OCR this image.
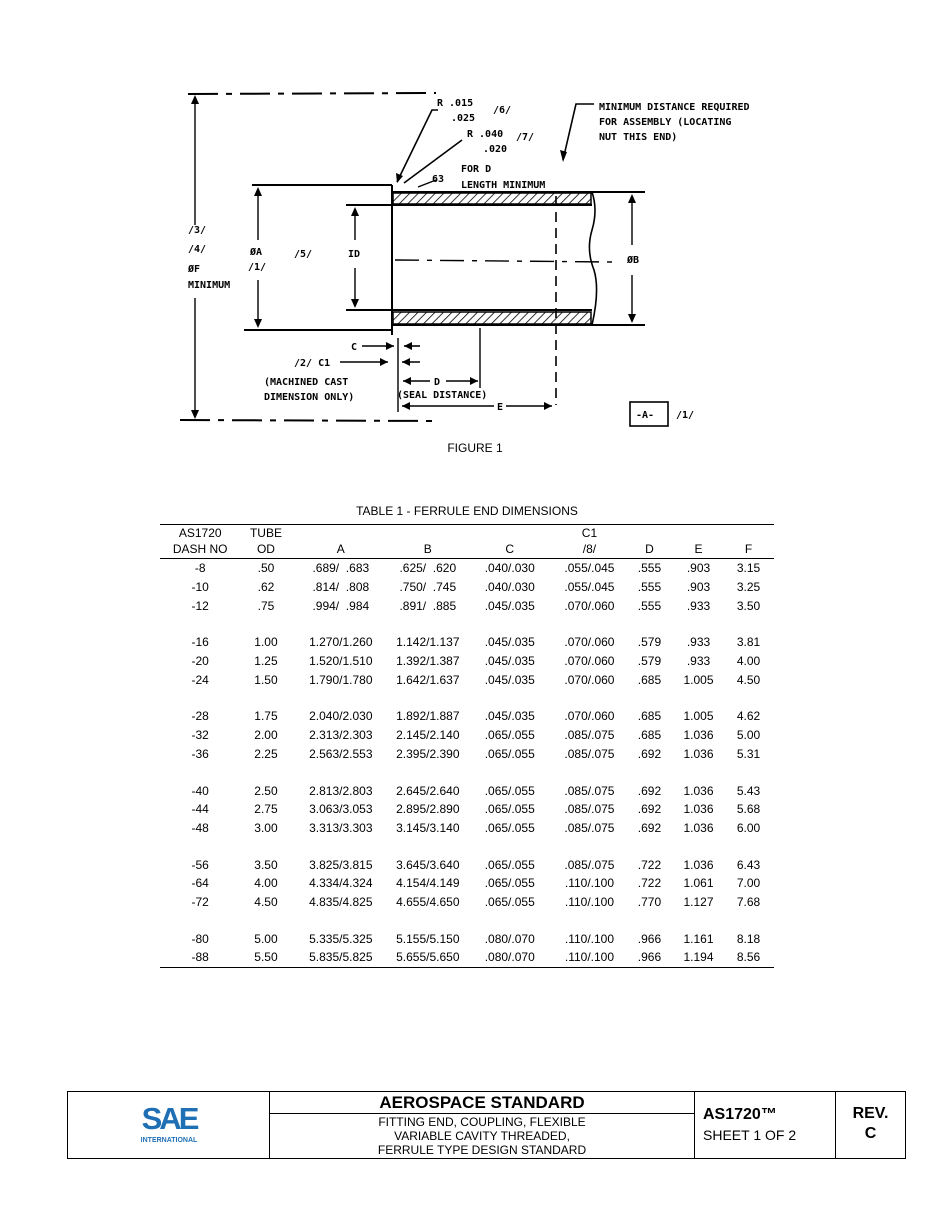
R .015
.025
/6/
R .040
.020
/7/
FOR D
LENGTH MINIMUM
63
MINIMUM DISTANCE REQUIRED
FOR ASSEMBLY (LOCATING
NUT THIS END)
/3/
/4/
ØF
MINIMUM
ØA
/1/
/5/	ID
ØB
C
/2/ C1
(MACHINED CAST
DIMENSION ONLY)
D
(SEAL DISTANCE)
E
-A- /1/
FIGURE 1
TABLE 1 - FERRULE END DIMENSIONS
AS1720	TUBE				C1			
DASH NO	OD	A	B	C	/8/	D	E	F
-8	.50	.689/  .683	.625/  .620	.040/.030	.055/.045	.555	.903	3.15
-10	.62	.814/  .808	.750/  .745	.040/.030	.055/.045	.555	.903	3.25
-12	.75	.994/  .984	.891/  .885	.045/.035	.070/.060	.555	.933	3.50

-16	1.00	1.270/1.260	1.142/1.137	.045/.035	.070/.060	.579	.933	3.81
-20	1.25	1.520/1.510	1.392/1.387	.045/.035	.070/.060	.579	.933	4.00
-24	1.50	1.790/1.780	1.642/1.637	.045/.035	.070/.060	.685	1.005	4.50

-28	1.75	2.040/2.030	1.892/1.887	.045/.035	.070/.060	.685	1.005	4.62
-32	2.00	2.313/2.303	2.145/2.140	.065/.055	.085/.075	.685	1.036	5.00
-36	2.25	2.563/2.553	2.395/2.390	.065/.055	.085/.075	.692	1.036	5.31

-40	2.50	2.813/2.803	2.645/2.640	.065/.055	.085/.075	.692	1.036	5.43
-44	2.75	3.063/3.053	2.895/2.890	.065/.055	.085/.075	.692	1.036	5.68
-48	3.00	3.313/3.303	3.145/3.140	.065/.055	.085/.075	.692	1.036	6.00

-56	3.50	3.825/3.815	3.645/3.640	.065/.055	.085/.075	.722	1.036	6.43
-64	4.00	4.334/4.324	4.154/4.149	.065/.055	.110/.100	.722	1.061	7.00
-72	4.50	4.835/4.825	4.655/4.650	.065/.055	.110/.100	.770	1.127	7.68

-80	5.00	5.335/5.325	5.155/5.150	.080/.070	.110/.100	.966	1.161	8.18
-88	5.50	5.835/5.825	5.655/5.650	.080/.070	.110/.100	.966	1.194	8.56
SAE
INTERNATIONAL
AEROSPACE STANDARD
FITTING END, COUPLING, FLEXIBLE
VARIABLE CAVITY THREADED,
FERRULE TYPE DESIGN STANDARD
AS1720™
SHEET 1 OF 2
REV.
C
